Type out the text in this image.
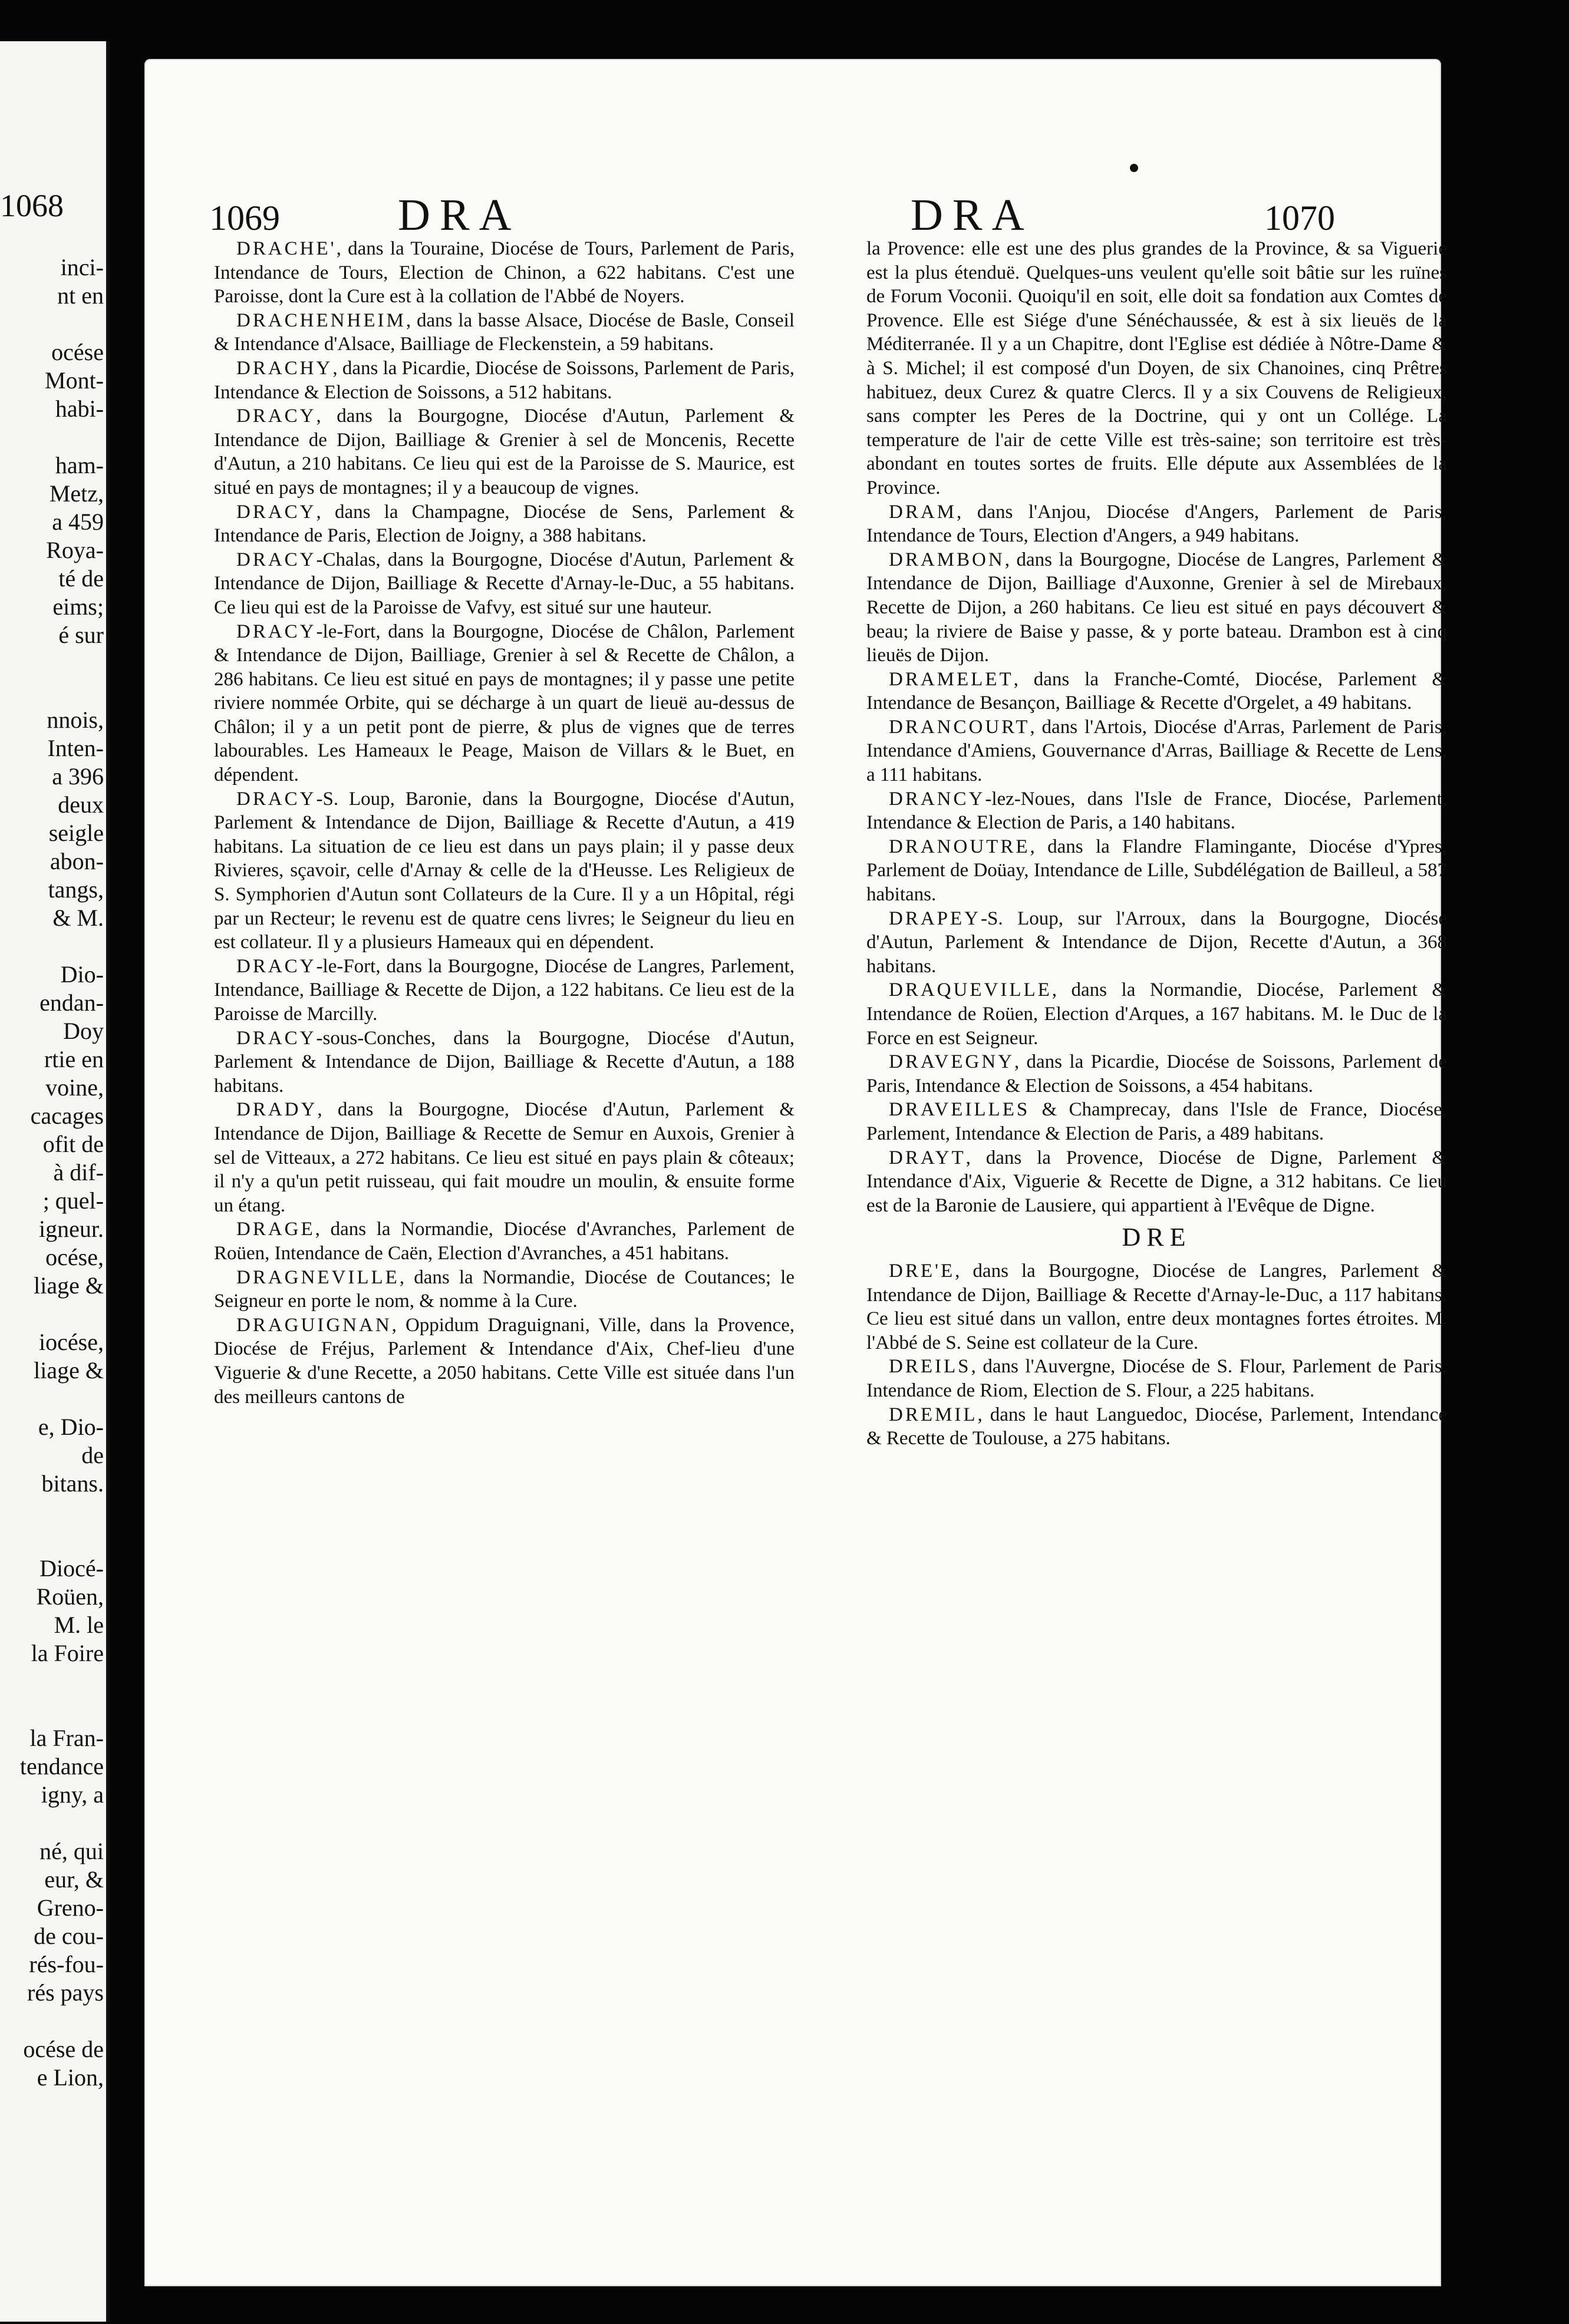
1068
inci-
nt en

océse
Mont-
habi-

ham-
Metz,
a 459
Roya-
té de
eims;
é sur

nnois,
Inten-
a 396
deux
seigle
abon-
tangs,
& M.

Dio-
endan-
Doy
rtie en
voine,
cacages
ofit de
à dif-
; quel-
igneur.
océse,
liage &

iocése,
liage &

e, Dio-
de
bitans.

Diocé-
Roüen,
M. le
la Foire

la Fran-
tendance
igny, a

né, qui
eur, &
Greno-
de cou-
rés-fou-
rés pays

océse de
e Lion,
1069	DRA	DRA	1070

DRACHE', dans la Touraine, Diocése de Tours, Parlement de Paris, Intendance de Tours, Election de Chinon, a 622 habitans. C'est une Paroisse, dont la Cure est à la collation de l'Abbé de Noyers.

DRACHENHEIM, dans la basse Alsace, Diocése de Basle, Conseil & Intendance d'Alsace, Bailliage de Fleckenstein, a 59 habitans.

DRACHY, dans la Picardie, Diocése de Soissons, Parlement de Paris, Intendance & Election de Soissons, a 512 habitans.

DRACY, dans la Bourgogne, Diocése d'Autun, Parlement & Intendance de Dijon, Bailliage & Grenier à sel de Moncenis, Recette d'Autun, a 210 habitans. Ce lieu qui est de la Paroisse de S. Maurice, est situé en pays de montagnes; il y a beaucoup de vignes.

DRACY, dans la Champagne, Diocése de Sens, Parlement & Intendance de Paris, Election de Joigny, a 388 habitans.

DRACY-Chalas, dans la Bourgogne, Diocése d'Autun, Parlement & Intendance de Dijon, Bailliage & Recette d'Arnay-le-Duc, a 55 habitans. Ce lieu qui est de la Paroisse de Vafvy, est situé sur une hauteur.

DRACY-le-Fort, dans la Bourgogne, Diocése de Châlon, Parlement & Intendance de Dijon, Bailliage, Grenier à sel & Recette de Châlon, a 286 habitans. Ce lieu est situé en pays de montagnes; il y passe une petite riviere nommée Orbite, qui se décharge à un quart de lieuë au-dessus de Châlon; il y a un petit pont de pierre, & plus de vignes que de terres labourables. Les Hameaux le Peage, Maison de Villars & le Buet, en dépendent.

DRACY-S. Loup, Baronie, dans la Bourgogne, Diocése d'Autun, Parlement & Intendance de Dijon, Bailliage & Recette d'Autun, a 419 habitans. La situation de ce lieu est dans un pays plain; il y passe deux Rivieres, sçavoir, celle d'Arnay & celle de la d'Heusse. Les Religieux de S. Symphorien d'Autun sont Collateurs de la Cure. Il y a un Hôpital, régi par un Recteur; le revenu est de quatre cens livres; le Seigneur du lieu en est collateur. Il y a plusieurs Hameaux qui en dépendent.

DRACY-le-Fort, dans la Bourgogne, Diocése de Langres, Parlement, Intendance, Bailliage & Recette de Dijon, a 122 habitans. Ce lieu est de la Paroisse de Marcilly.

DRACY-sous-Conches, dans la Bourgogne, Diocése d'Autun, Parlement & Intendance de Dijon, Bailliage & Recette d'Autun, a 188 habitans.

DRADY, dans la Bourgogne, Diocése d'Autun, Parlement & Intendance de Dijon, Bailliage & Recette de Semur en Auxois, Grenier à sel de Vitteaux, a 272 habitans. Ce lieu est situé en pays plain & côteaux; il n'y a qu'un petit ruisseau, qui fait moudre un moulin, & ensuite forme un étang.

DRAGE, dans la Normandie, Diocése d'Avranches, Parlement de Roüen, Intendance de Caën, Election d'Avranches, a 451 habitans.

DRAGNEVILLE, dans la Normandie, Diocése de Coutances; le Seigneur en porte le nom, & nomme à la Cure.

DRAGUIGNAN, Oppidum Draguignani, Ville, dans la Provence, Diocése de Fréjus, Parlement & Intendance d'Aix, Chef-lieu d'une Viguerie & d'une Recette, a 2050 habitans. Cette Ville est située dans l'un des meilleurs cantons de

la Provence: elle est une des plus grandes de la Province, & sa Viguerie est la plus étenduë. Quelques-uns veulent qu'elle soit bâtie sur les ruïnes de Forum Voconii. Quoiqu'il en soit, elle doit sa fondation aux Comtes de Provence. Elle est Siége d'une Sénéchaussée, & est à six lieuës de la Méditerranée. Il y a un Chapitre, dont l'Eglise est dédiée à Nôtre-Dame & à S. Michel; il est composé d'un Doyen, de six Chanoines, cinq Prêtres habituez, deux Curez & quatre Clercs. Il y a six Couvens de Religieux, sans compter les Peres de la Doctrine, qui y ont un Collége. La temperature de l'air de cette Ville est très-saine; son territoire est très-abondant en toutes sortes de fruits. Elle députe aux Assemblées de la Province.

DRAM, dans l'Anjou, Diocése d'Angers, Parlement de Paris, Intendance de Tours, Election d'Angers, a 949 habitans.

DRAMBON, dans la Bourgogne, Diocése de Langres, Parlement & Intendance de Dijon, Bailliage d'Auxonne, Grenier à sel de Mirebaux, Recette de Dijon, a 260 habitans. Ce lieu est situé en pays découvert & beau; la riviere de Baise y passe, & y porte bateau. Drambon est à cinq lieuës de Dijon.

DRAMELET, dans la Franche-Comté, Diocése, Parlement & Intendance de Besançon, Bailliage & Recette d'Orgelet, a 49 habitans.

DRANCOURT, dans l'Artois, Diocése d'Arras, Parlement de Paris, Intendance d'Amiens, Gouvernance d'Arras, Bailliage & Recette de Lens, a 111 habitans.

DRANCY-lez-Noues, dans l'Isle de France, Diocése, Parlement, Intendance & Election de Paris, a 140 habitans.

DRANOUTRE, dans la Flandre Flamingante, Diocése d'Ypres, Parlement de Doüay, Intendance de Lille, Subdélégation de Bailleul, a 587 habitans.

DRAPEY-S. Loup, sur l'Arroux, dans la Bourgogne, Diocése d'Autun, Parlement & Intendance de Dijon, Recette d'Autun, a 368 habitans.

DRAQUEVILLE, dans la Normandie, Diocése, Parlement & Intendance de Roüen, Election d'Arques, a 167 habitans. M. le Duc de la Force en est Seigneur.

DRAVEGNY, dans la Picardie, Diocése de Soissons, Parlement de Paris, Intendance & Election de Soissons, a 454 habitans.

DRAVEILLES & Champrecay, dans l'Isle de France, Diocése, Parlement, Intendance & Election de Paris, a 489 habitans.

DRAYT, dans la Provence, Diocése de Digne, Parlement & Intendance d'Aix, Viguerie & Recette de Digne, a 312 habitans. Ce lieu est de la Baronie de Lausiere, qui appartient à l'Evêque de Digne.

DRE

DRE'E, dans la Bourgogne, Diocése de Langres, Parlement & Intendance de Dijon, Bailliage & Recette d'Arnay-le-Duc, a 117 habitans. Ce lieu est situé dans un vallon, entre deux montagnes fortes étroites. M. l'Abbé de S. Seine est collateur de la Cure.

DREILS, dans l'Auvergne, Diocése de S. Flour, Parlement de Paris, Intendance de Riom, Election de S. Flour, a 225 habitans.

DREMIL, dans le haut Languedoc, Diocése, Parlement, Intendance & Recette de Toulouse, a 275 habitans.
